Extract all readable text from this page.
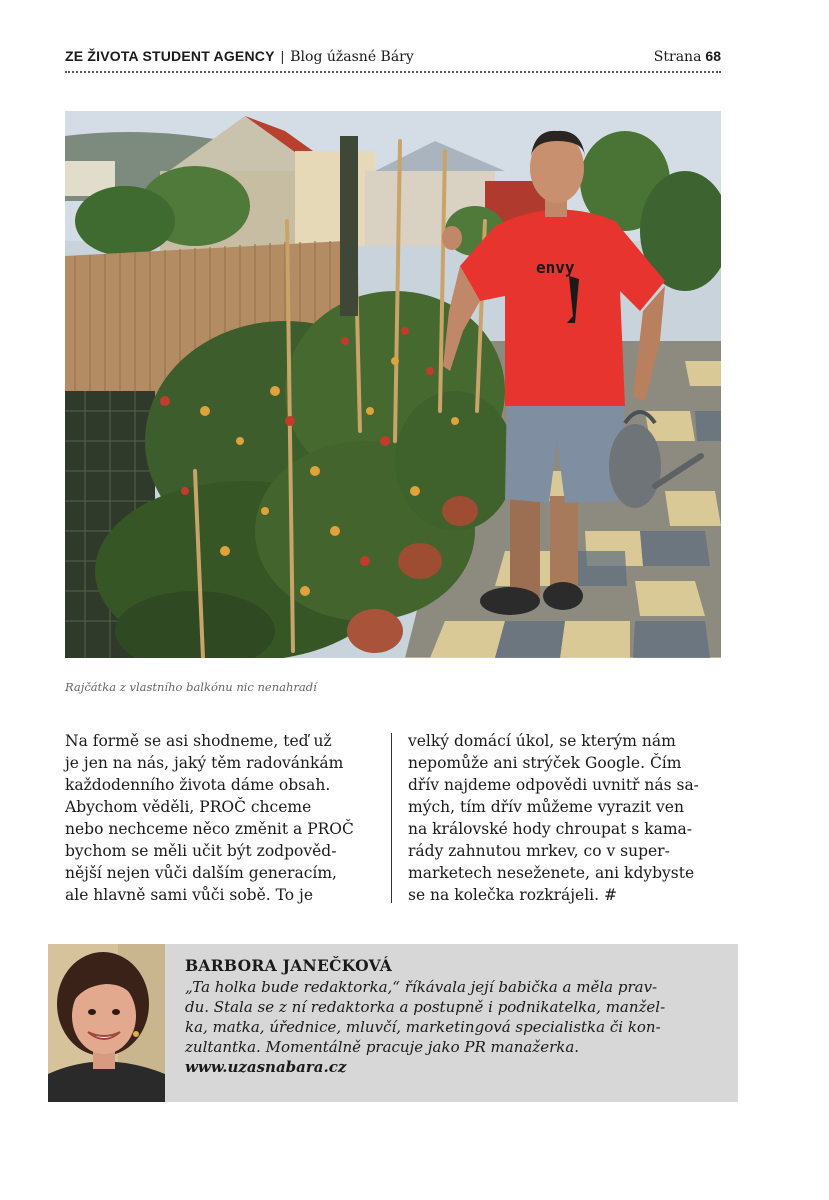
ZE ŽIVOTA STUDENT AGENCY | Blog úžasné Báry	Strana 68
envy
Rajčátka z vlastního balkónu nic nenahradí
Na formě se asi shodneme, teď už
je jen na nás, jaký těm radovánkám
každodenního života dáme obsah.
Abychom věděli, PROČ chceme
nebo nechceme něco změnit a PROČ
bychom se měli učit být zodpověd-
nější nejen vůči dalším generacím,
ale hlavně sami vůči sobě. To je
velký domácí úkol, se kterým nám
nepomůže ani strýček Google. Čím
dřív najdeme odpovědi uvnitř nás sa-
mých, tím dřív můžeme vyrazit ven
na královské hody chroupat s kama-
rády zahnutou mrkev, co v super-
marketech neseženete, ani kdybyste
se na kolečka rozkrájeli. #
BARBORA JANEČKOVÁ
„Ta holka bude redaktorka,“ říkávala její babička a měla prav-
du. Stala se z ní redaktorka a postupně i podnikatelka, manžel-
ka, matka, úřednice, mluvčí, marketingová specialistka či kon-
zultantka. Momentálně pracuje jako PR manažerka.
www.uzasnabara.cz
